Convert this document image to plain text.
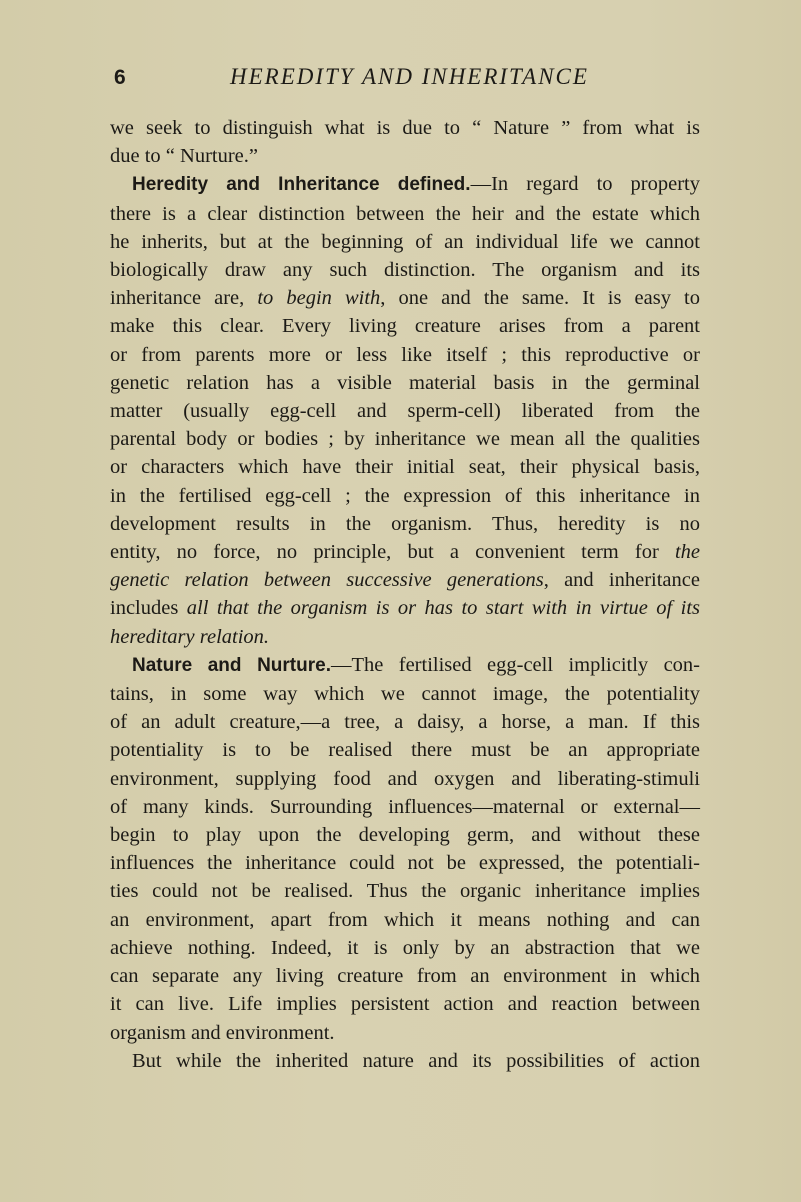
6	HEREDITY AND INHERITANCE

we seek to distinguish what is due to “ Nature ” from what is
due to “ Nurture.”

Heredity and Inheritance defined.—In regard to property
there is a clear distinction between the heir and the estate which
he inherits, but at the beginning of an individual life we cannot
biologically draw any such distinction. The organism and its
inheritance are, to begin with, one and the same. It is easy to
make this clear. Every living creature arises from a parent
or from parents more or less like itself ; this reproductive or
genetic relation has a visible material basis in the germinal
matter (usually egg-cell and sperm-cell) liberated from the
parental body or bodies ; by inheritance we mean all the qualities
or characters which have their initial seat, their physical basis,
in the fertilised egg-cell ; the expression of this inheritance in
development results in the organism. Thus, heredity is no
entity, no force, no principle, but a convenient term for the
genetic relation between successive generations, and inheritance
includes all that the organism is or has to start with in virtue of its
hereditary relation.

Nature and Nurture.—The fertilised egg-cell implicitly con-
tains, in some way which we cannot image, the potentiality
of an adult creature,—a tree, a daisy, a horse, a man. If this
potentiality is to be realised there must be an appropriate
environment, supplying food and oxygen and liberating-stimuli
of many kinds. Surrounding influences—maternal or external—
begin to play upon the developing germ, and without these
influences the inheritance could not be expressed, the potentiali-
ties could not be realised. Thus the organic inheritance implies
an environment, apart from which it means nothing and can
achieve nothing. Indeed, it is only by an abstraction that we
can separate any living creature from an environment in which
it can live. Life implies persistent action and reaction between
organism and environment.

But while the inherited nature and its possibilities of action
